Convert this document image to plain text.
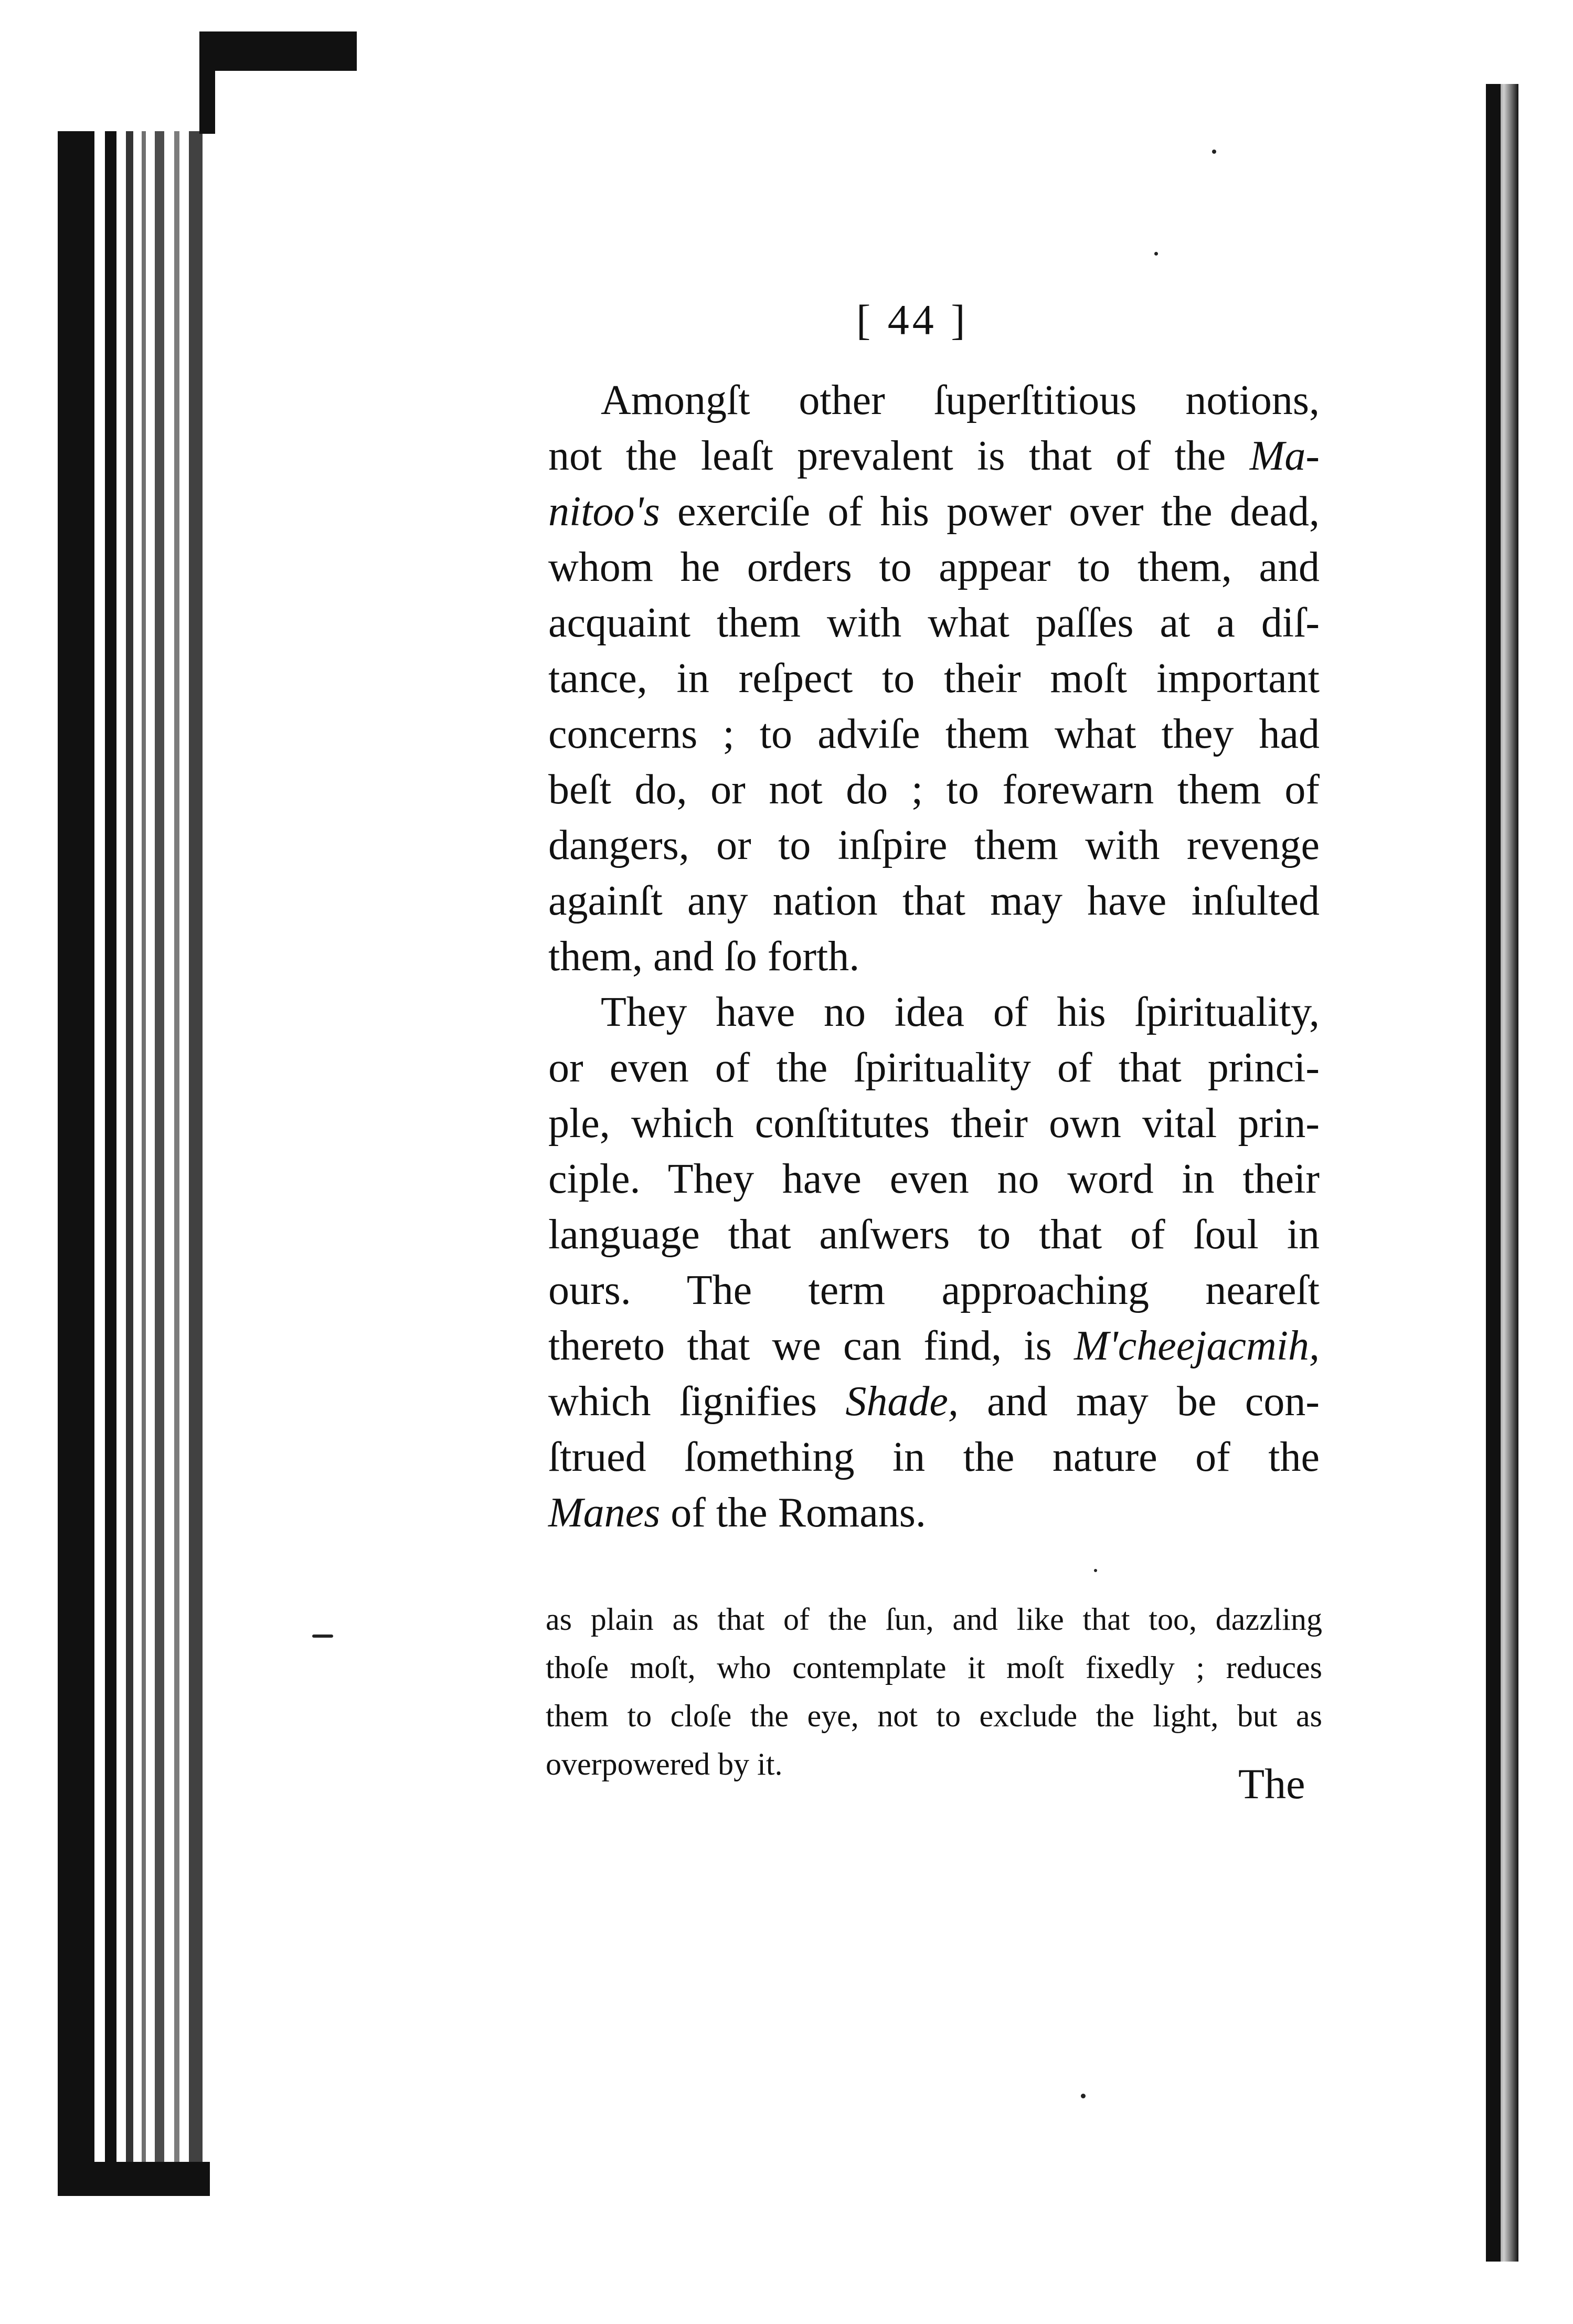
[ 44 ]
Amongſt other ſuperſtitious notions,
not the leaſt prevalent is that of the Ma-
nitoo's exerciſe of his power over the dead,
whom he orders to appear to them, and
acquaint them with what paſſes at a diſ-
tance, in reſpect to their moſt important
concerns ; to adviſe them what they had
beſt do, or not do ; to forewarn them of
dangers, or to inſpire them with revenge
againſt any nation that may have inſulted
them, and ſo forth.
They have no idea of his ſpirituality,
or even of the ſpirituality of that princi-
ple, which conſtitutes their own vital prin-
ciple. They have even no word in their
language that anſwers to that of ſoul in
ours. The term approaching neareſt
thereto that we can find, is M'cheejacmih,
which ſignifies Shade, and may be con-
ſtrued ſomething in the nature of the
Manes of the Romans.
as plain as that of the ſun, and like that too, dazzling
thoſe moſt, who contemplate it moſt fixedly ; reduces
them to cloſe the eye, not to exclude the light, but as
overpowered by it.	The
